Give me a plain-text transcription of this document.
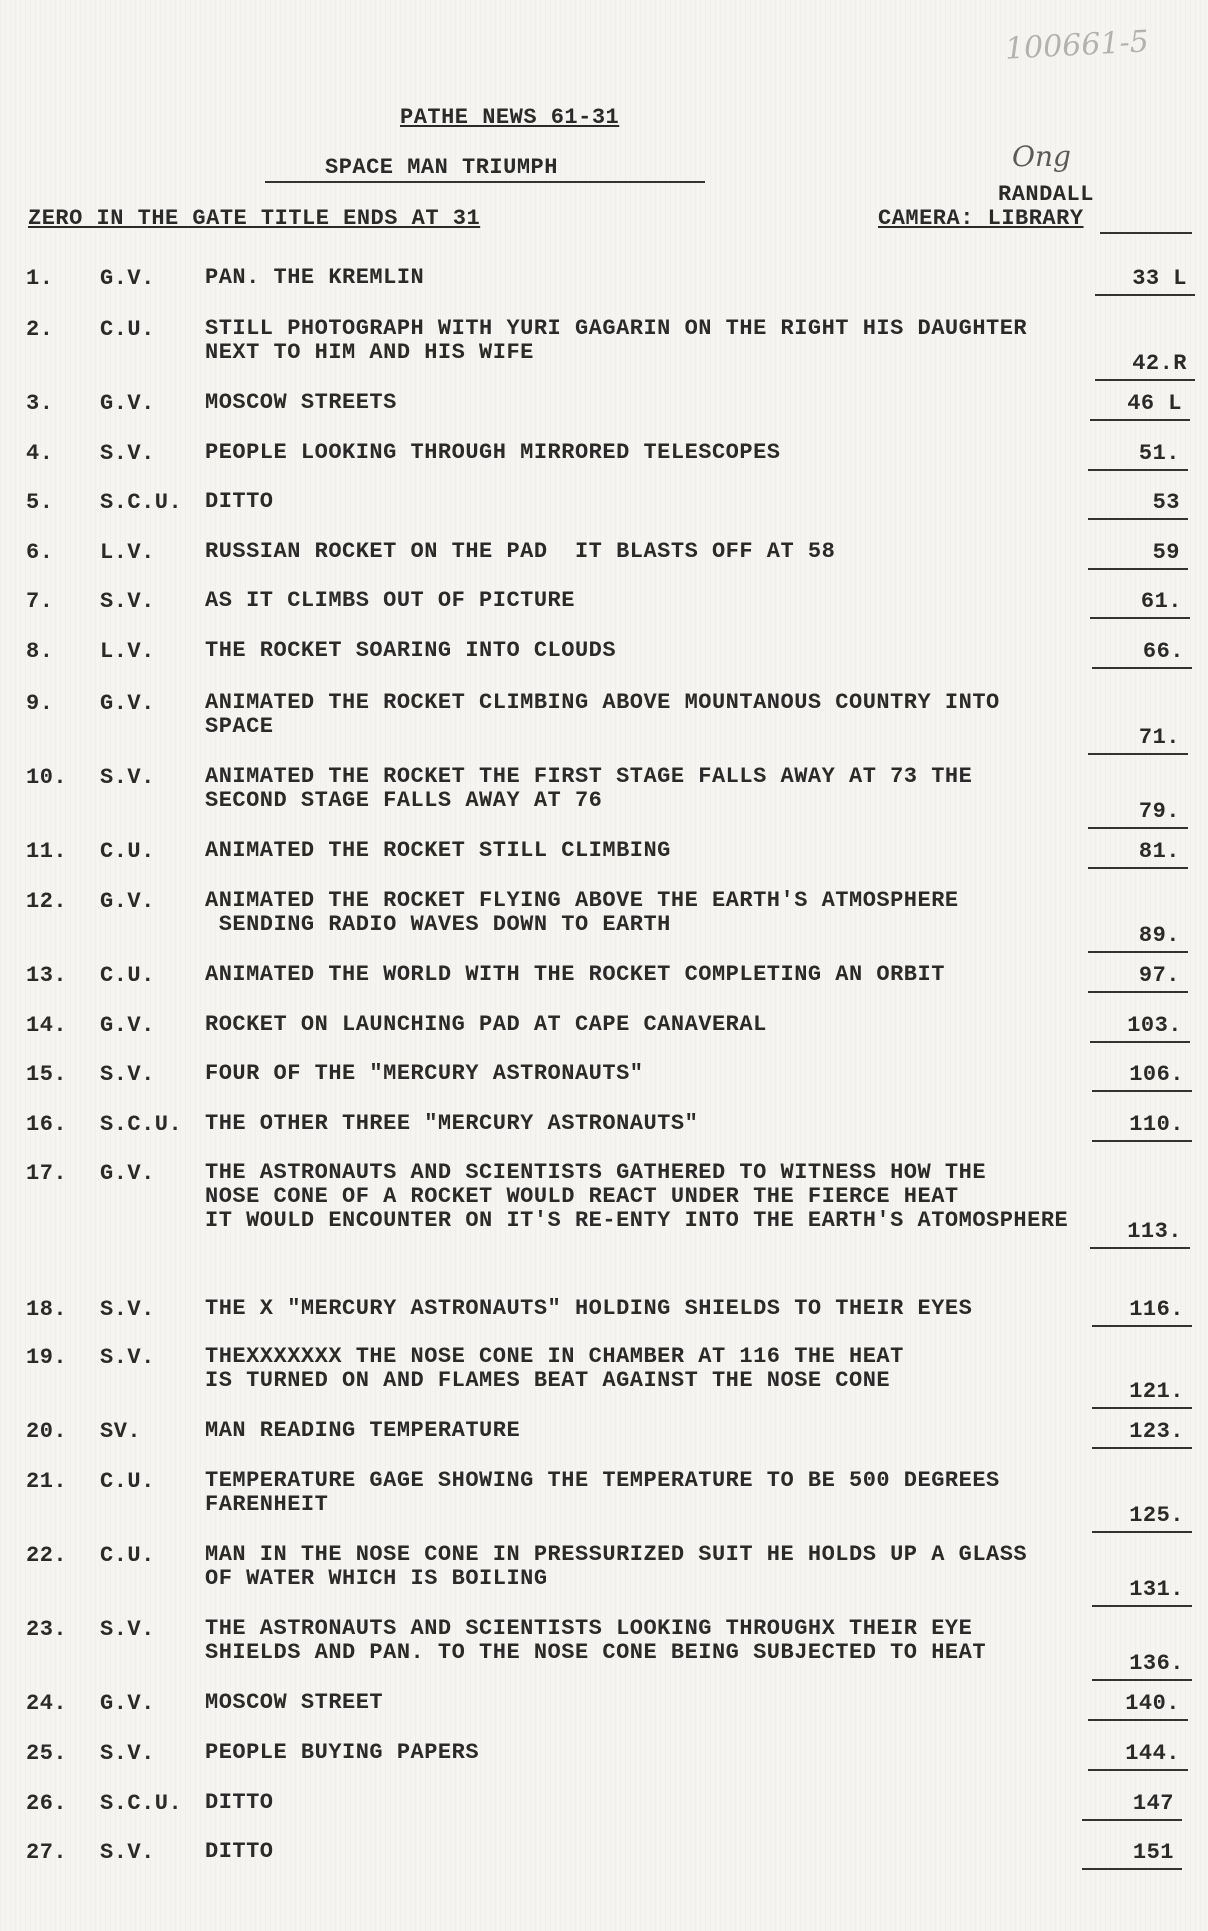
100661-5
PATHE NEWS 61-31
SPACE MAN TRIUMPH	Ong
RANDALL
ZERO IN THE GATE TITLE ENDS AT 31	CAMERA: LIBRARY
1.	G.V.	PAN. THE KREMLIN	33 L
2.	C.U.	STILL PHOTOGRAPH WITH YURI GAGARIN ON THE RIGHT HIS DAUGHTER
NEXT TO HIM AND HIS WIFE	42.R
3.	G.V.	MOSCOW STREETS	46 L
4.	S.V.	PEOPLE LOOKING THROUGH MIRRORED TELESCOPES	51.
5.	S.C.U.	DITTO	53
6.	L.V.	RUSSIAN ROCKET ON THE PAD  IT BLASTS OFF AT 58	59
7.	S.V.	AS IT CLIMBS OUT OF PICTURE	61.
8.	L.V.	THE ROCKET SOARING INTO CLOUDS	66.
9.	G.V.	ANIMATED THE ROCKET CLIMBING ABOVE MOUNTANOUS COUNTRY INTO
SPACE	71.
10.	S.V.	ANIMATED THE ROCKET THE FIRST STAGE FALLS AWAY AT 73 THE
SECOND STAGE FALLS AWAY AT 76	79.
11.	C.U.	ANIMATED THE ROCKET STILL CLIMBING	81.
12.	G.V.	ANIMATED THE ROCKET FLYING ABOVE THE EARTH'S ATMOSPHERE
SENDING RADIO WAVES DOWN TO EARTH	89.
13.	C.U.	ANIMATED THE WORLD WITH THE ROCKET COMPLETING AN ORBIT	97.
14.	G.V.	ROCKET ON LAUNCHING PAD AT CAPE CANAVERAL	103.
15.	S.V.	FOUR OF THE "MERCURY ASTRONAUTS"	106.
16.	S.C.U.	THE OTHER THREE "MERCURY ASTRONAUTS"	110.
17.	G.V.	THE ASTRONAUTS AND SCIENTISTS GATHERED TO WITNESS HOW THE
NOSE CONE OF A ROCKET WOULD REACT UNDER THE FIERCE HEAT
IT WOULD ENCOUNTER ON IT'S RE-ENTY INTO THE EARTH'S ATOMOSPHERE	113.
18.	S.V.	THE X "MERCURY ASTRONAUTS" HOLDING SHIELDS TO THEIR EYES	116.
19.	S.V.	THEXXXXXXX THE NOSE CONE IN CHAMBER AT 116 THE HEAT
IS TURNED ON AND FLAMES BEAT AGAINST THE NOSE CONE	121.
20.	SV.	MAN READING TEMPERATURE	123.
21.	C.U.	TEMPERATURE GAGE SHOWING THE TEMPERATURE TO BE 500 DEGREES
FARENHEIT	125.
22.	C.U.	MAN IN THE NOSE CONE IN PRESSURIZED SUIT HE HOLDS UP A GLASS
OF WATER WHICH IS BOILING	131.
23.	S.V.	THE ASTRONAUTS AND SCIENTISTS LOOKING THROUGHX THEIR EYE
SHIELDS AND PAN. TO THE NOSE CONE BEING SUBJECTED TO HEAT	136.
24.	G.V.	MOSCOW STREET	140.
25.	S.V.	PEOPLE BUYING PAPERS	144.
26.	S.C.U.	DITTO	147
27.	S.V.	DITTO	151
